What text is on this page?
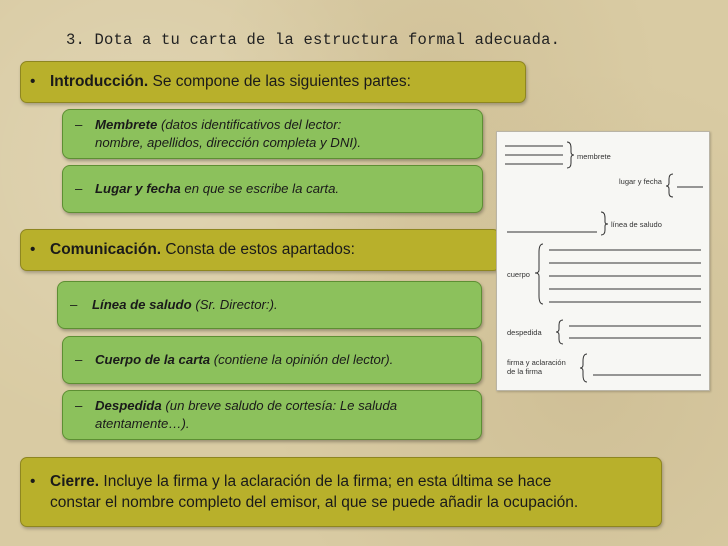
3. Dota a tu carta de la estructura formal adecuada.
• Introducción. Se compone de las siguientes partes:
– Membrete (datos identificativos del lector:
nombre, apellidos, dirección completa y DNI).
– Lugar y fecha en que se escribe la carta.
• Comunicación. Consta de estos apartados:
– Línea de saludo (Sr. Director:).
– Cuerpo de la carta (contiene la opinión del lector).
– Despedida (un breve saludo de cortesía: Le saluda
atentamente…).
• Cierre. Incluye la firma y la aclaración de la firma; en esta última se hace
constar el nombre completo del emisor, al que se puede añadir la ocupación.
membrete
lugar y fecha
línea de saludo
cuerpo
despedida
firma y aclaración
de la firma
